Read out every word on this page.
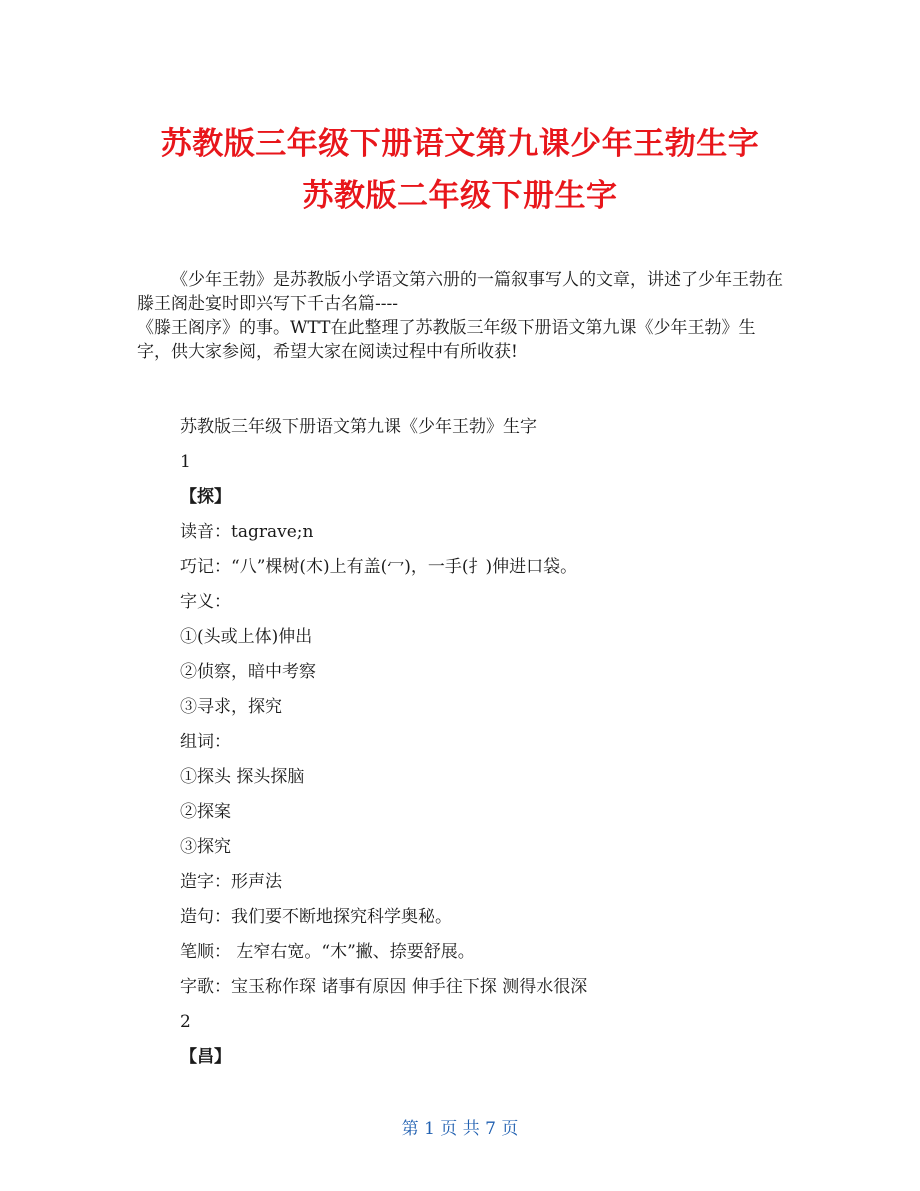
苏教版三年级下册语文第九课少年王勃生字
苏教版二年级下册生字

《少年王勃》是苏教版小学语文第六册的一篇叙事写人的文章，讲述了少年王勃在滕王阁赴宴时即兴写下千古名篇----

《滕王阁序》的事。WTT在此整理了苏教版三年级下册语文第九课《少年王勃》生字，供大家参阅，希望大家在阅读过程中有所收获!

苏教版三年级下册语文第九课《少年王勃》生字
1
【探】
读音：tagrave;n
巧记：“八”棵树(木)上有盖(冖)，一手(扌)伸进口袋。
字义：
①(头或上体)伸出
②侦察，暗中考察
③寻求，探究
组词：
①探头 探头探脑
②探案
③探究
造字：形声法
造句：我们要不断地探究科学奥秘。
笔顺： 左窄右宽。“木”撇、捺要舒展。
字歌：宝玉称作琛 诸事有原因 伸手往下探 测得水很深
2
【昌】
第 1 页 共 7 页
